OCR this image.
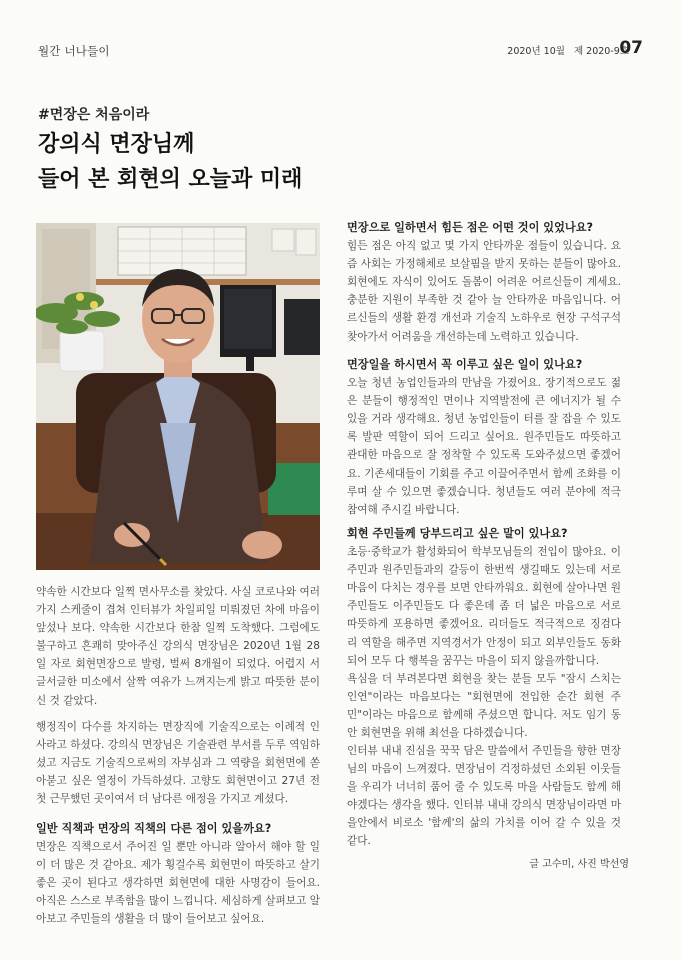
월간 너나들이	2020년 10월 제 2020-9호
07
#면장은 처음이라
강의식 면장님께
들어 본 회현의 오늘과 미래

약속한 시간보다 일찍 면사무소를 찾았다. 사실 코로나와 여러 가지 스케줄이 겹쳐 인터뷰가 차일피일 미뤄졌던 차에 마음이 앞섰나 보다. 약속한 시간보다 한참 일찍 도착했다. 그럼에도 불구하고 흔쾌히 맞아주신 강의식 면장님은 2020년 1월 28일 자로 회현면장으로 발령, 벌써 8개월이 되었다. 어렵지 서글서글한 미소에서 살짝 여유가 느껴지는게 밝고 따뜻한 분이 신 것 같았다.

행정직이 다수를 차지하는 면장직에 기술직으로는 이례적 인사라고 하셨다. 강의식 면장님은 기술관련 부서를 두루 역임하셨고 지금도 기술직으로써의 자부심과 그 역량을 회현면에 쏟아붇고 싶은 열정이 가득하셨다. 고향도 회현면이고 27년 전 첫 근무했던 곳이여서 더 남다른 애정을 가지고 계셨다.

일반 직책과 면장의 직책의 다른 점이 있을까요?

면장은 직책으로서 주어진 일 뿐만 아니라 알아서 해야 할 일이 더 많은 것 같아요. 제가 횡걸수록 회현면이 따뜻하고 살기 좋은 곳이 된다고 생각하면 회현면에 대한 사명감이 들어요. 아직은 스스로 부족함을 많이 느낍니다. 세심하게 살펴보고 알아보고 주민들의 생활을 더 많이 들어보고 싶어요.

면장으로 일하면서 힘든 점은 어떤 것이 있었나요?

힘든 점은 아직 없고 몇 가지 안타까운 점들이 있습니다. 요즘 사회는 가정해체로 보살핌을 받지 못하는 분들이 많아요. 회현에도 자식이 있어도 돌봄이 어려운 어르신들이 계세요. 충분한 지원이 부족한 것 같아 늘 안타까운 마음입니다. 어르신들의 생활 환경 개선과 기술직 노하우로 현장 구석구석 찾아가서 어려움을 개선하는데 노력하고 있습니다.

면장일을 하시면서 꼭 이루고 싶은 일이 있나요?

오늘 청년 농업인들과의 만남을 가졌어요. 장기적으로도 젊은 분들이 행정적인 면이나 지역발전에 큰 에너지가 될 수 있을 거라 생각해요. 청년 농업인들이 터를 잘 잡을 수 있도록 발판 역할이 되어 드리고 싶어요. 원주민들도 따뜻하고 관대한 마음으로 잘 정착할 수 있도록 도와주셨으면 좋겠어요. 기존세대들이 기회를 주고 이끌어주면서 함께 조화를 이루며 살 수 있으면 좋겠습니다. 청년들도 여러 분야에 적극 참여해 주시길 바랍니다.

회현 주민들께 당부드리고 싶은 말이 있나요?

초등·중학교가 활성화되어 학부모님들의 전입이 많아요. 이주민과 원주민들과의 갈등이 한번씩 생길때도 있는데 서로 마음이 다치는 경우를 보면 안타까워요. 회현에 살아나면 원주민들도 이주민들도 다 좋은데 좀 더 넓은 마음으로 서로 따뜻하게 포용하면 좋겠어요. 리더들도 적극적으로 징검다리 역할을 해주면 지역경서가 안정이 되고 외부인들도 동화되어 모두 다 행복을 꿈꾸는 마을이 되지 않을까합니다.

욕심을 더 부려본다면 회현을 찾는 분들 모두 "잠시 스치는 인연"이라는 마음보다는 "회현면에 전입한 순간 회현 주민"이라는 마음으로 함께해 주셨으면 합니다. 저도 임기 동안 회현면을 위해 최선을 다하겠습니다.

인터뷰 내내 진심을 꾹꾹 담은 말씀에서 주민들을 향한 면장님의 마음이 느껴졌다. 면장님이 걱정하셨던 소외된 이웃들을 우리가 너너히 품어 줄 수 있도록 마을 사람들도 함께 해야겠다는 생각을 했다. 인터뷰 내내 강의식 면장님이라면 마을안에서 비로소 '함께'의 삶의 가치를 이어 갈 수 있을 것 같다.

글 고수미, 사진 박선영
